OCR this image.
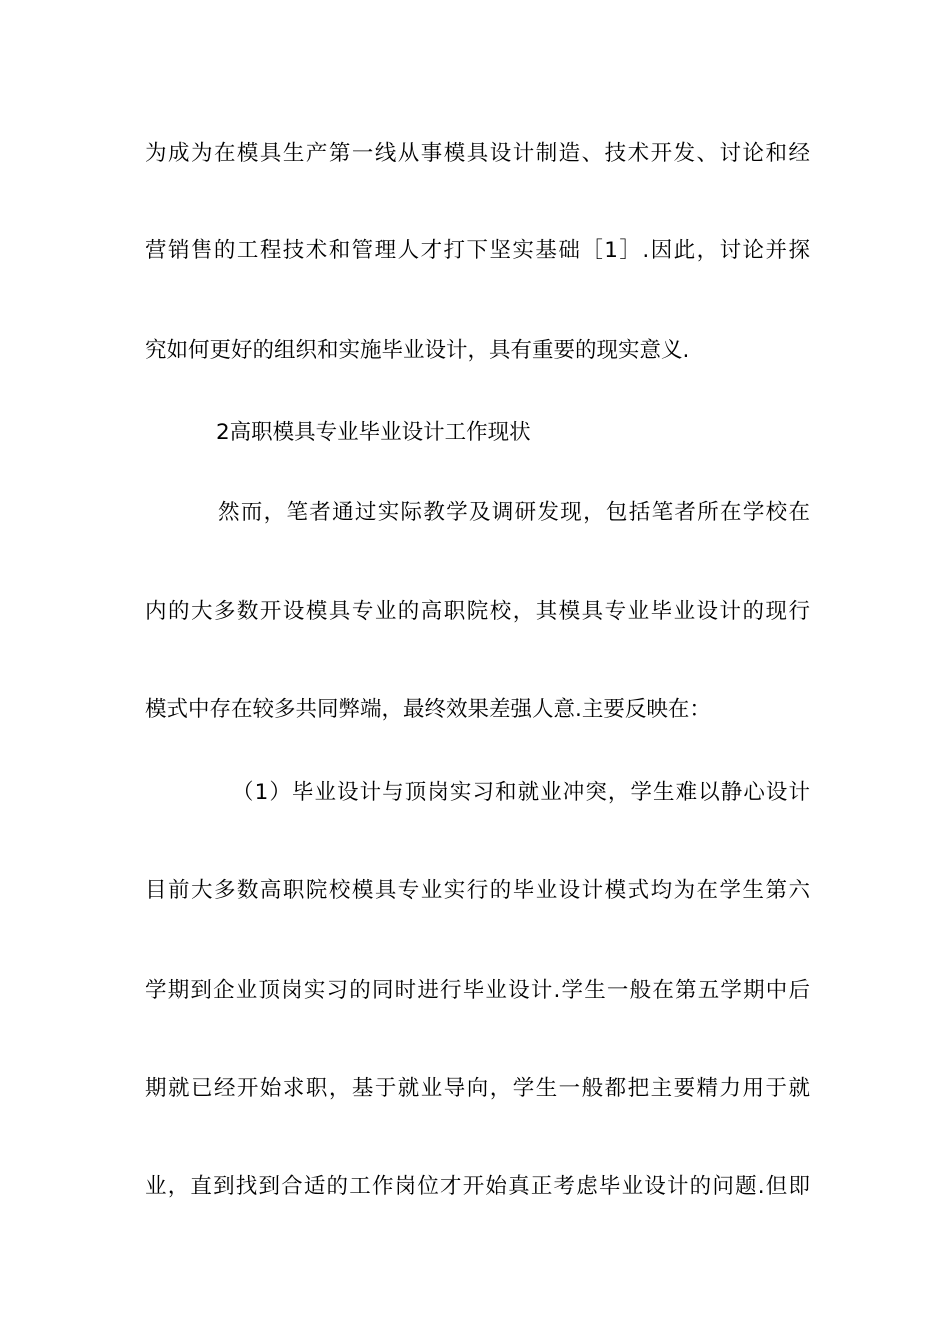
为成为在模具生产第一线从事模具设计制造、技术开发、讨论和经
营销售的工程技术和管理人才打下坚实基础［1］.因此，讨论并探
究如何更好的组织和实施毕业设计，具有重要的现实意义.
2高职模具专业毕业设计工作现状
然而，笔者通过实际教学及调研发现，包括笔者所在学校在
内的大多数开设模具专业的高职院校，其模具专业毕业设计的现行
模式中存在较多共同弊端，最终效果差强人意.主要反映在：
（1）毕业设计与顶岗实习和就业冲突，学生难以静心设计
目前大多数高职院校模具专业实行的毕业设计模式均为在学生第六
学期到企业顶岗实习的同时进行毕业设计.学生一般在第五学期中后
期就已经开始求职，基于就业导向，学生一般都把主要精力用于就
业，直到找到合适的工作岗位才开始真正考虑毕业设计的问题.但即
